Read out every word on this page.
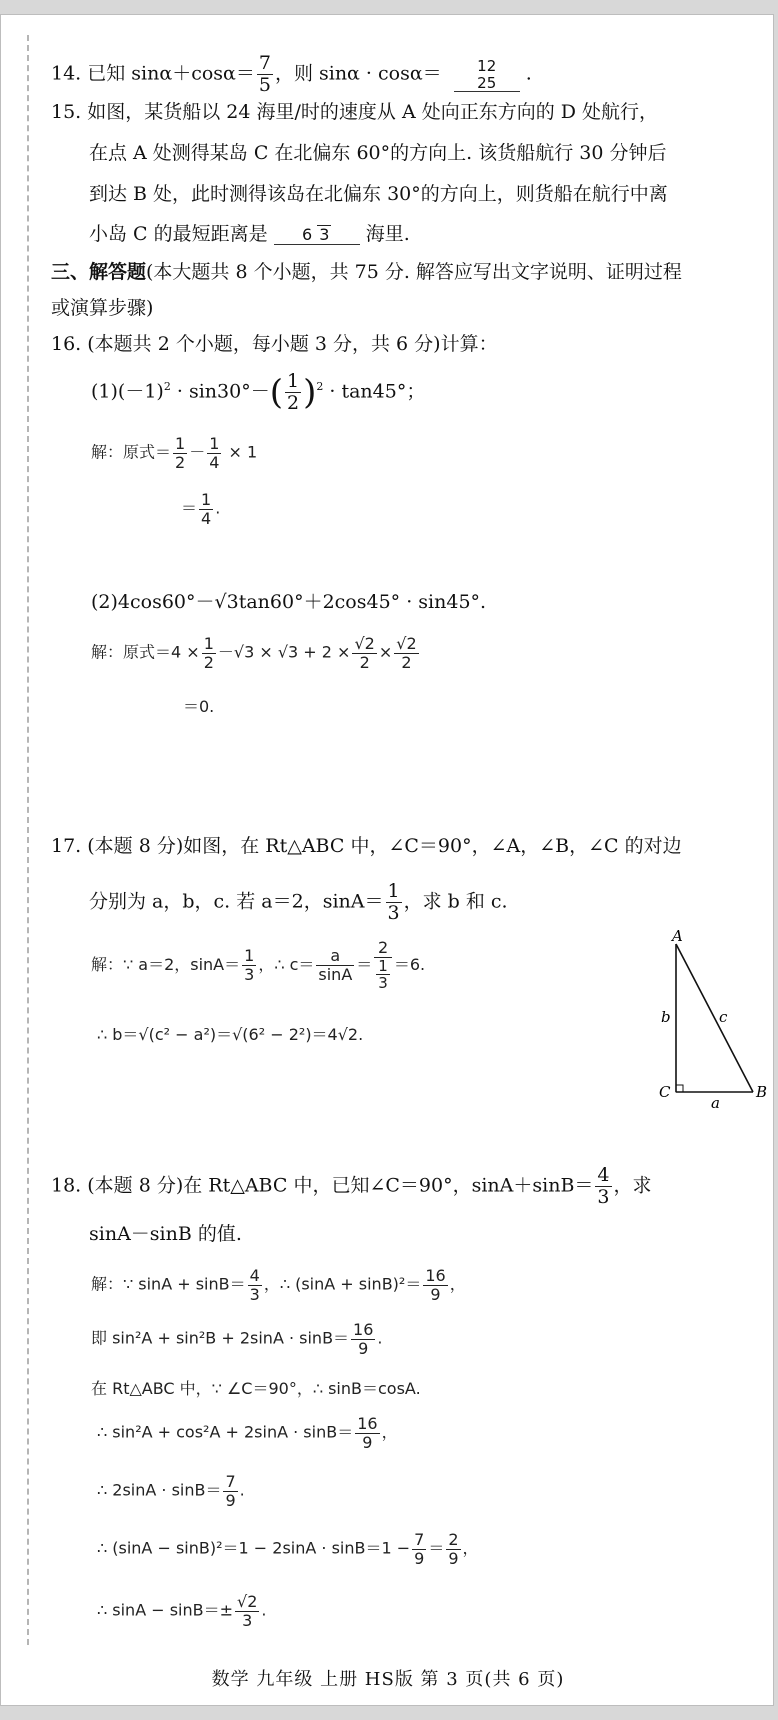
14. 已知 $\sin\alpha+\cos\alpha= \frac{7}{5}$ ，则 sinα · cosα＝ 12
25 .
15. 如图，某货船以 24 海里/时的速度从 A 处向正东方向的 D 处航行，
在点 A 处测得某岛 C 在北偏东 60°的方向上. 该货船航行 30 分钟后
到达 B 处，此时测得该岛在北偏东 30°的方向上，则货船在航行中离
小岛 C 的最短距离是 6 3 海里.
三、解答题(本大题共 8 个小题，共 75 分. 解答应写出文字说明、证明过程
或演算步骤)
16. (本题共 2 个小题，每小题 3 分，共 6 分)计算：
$(1)(-1)^2 \cdot \sin 30^\circ-( \frac{1}{2} )^2 \cdot \tan 45^\circ$；
解：原式＝ $\frac{1}{2} - \frac{1}{4} \times 1$
＝ $\frac{1}{4}$ .
(2)4cos60°－√3tan60°＋2cos45° · sin45°.
解：原式$=4 \times \frac{1}{2} -√3 \times √3 + 2 \times \frac{√2}{2} \times \frac{√2}{2}$
＝0.
17. (本题 8 分)如图，在 Rt△ABC 中，∠C＝90°，∠A，∠B，∠C 的对边
分别为 a，b，c. 若 a＝2，$\sin A= \frac{1}{3}$ ，求 b 和 c.
解：∵ a＝2，$\sin A= \frac{1}{3}$ ，∴ $c= \frac{a}{\sin A} = \frac{2}{\frac{1}{3}} =6$.
∴ b＝√(c² − a²)＝√(6² − 2²)＝4√2.
A
B
C
a
b	c
18. (本题 8 分)在 Rt△ABC 中，已知∠C＝90°，$\sin A+\sin B= \frac{4}{3}$ ，求
sinA－sinB 的值.
解：∵ $\sin A + \sin B= \frac{4}{3}$ ，∴ $(\sin A + \sin B)^2= \frac{16}{9}$ ，
即 $\sin^2A + \sin^2B + 2\sin A \cdot \sin B= \frac{16}{9}$ .
在 Rt△ABC 中，∵ ∠C＝90°，∴ sinB＝cosA.
∴ $\sin^2A + \cos^2A + 2\sin A \cdot \sin B= \frac{16}{9}$ ，
∴ $2\sin A \cdot \sin B= \frac{7}{9}$ .
∴ $(\sin A - \sin B)^2=1 - 2\sin A \cdot \sin B=1 - \frac{7}{9} = \frac{2}{9}$ ，
∴ $\sin A - \sin B=\pm \frac{√2}{3}$ .
数学 九年级 上册 HS版 第 3 页(共 6 页)
